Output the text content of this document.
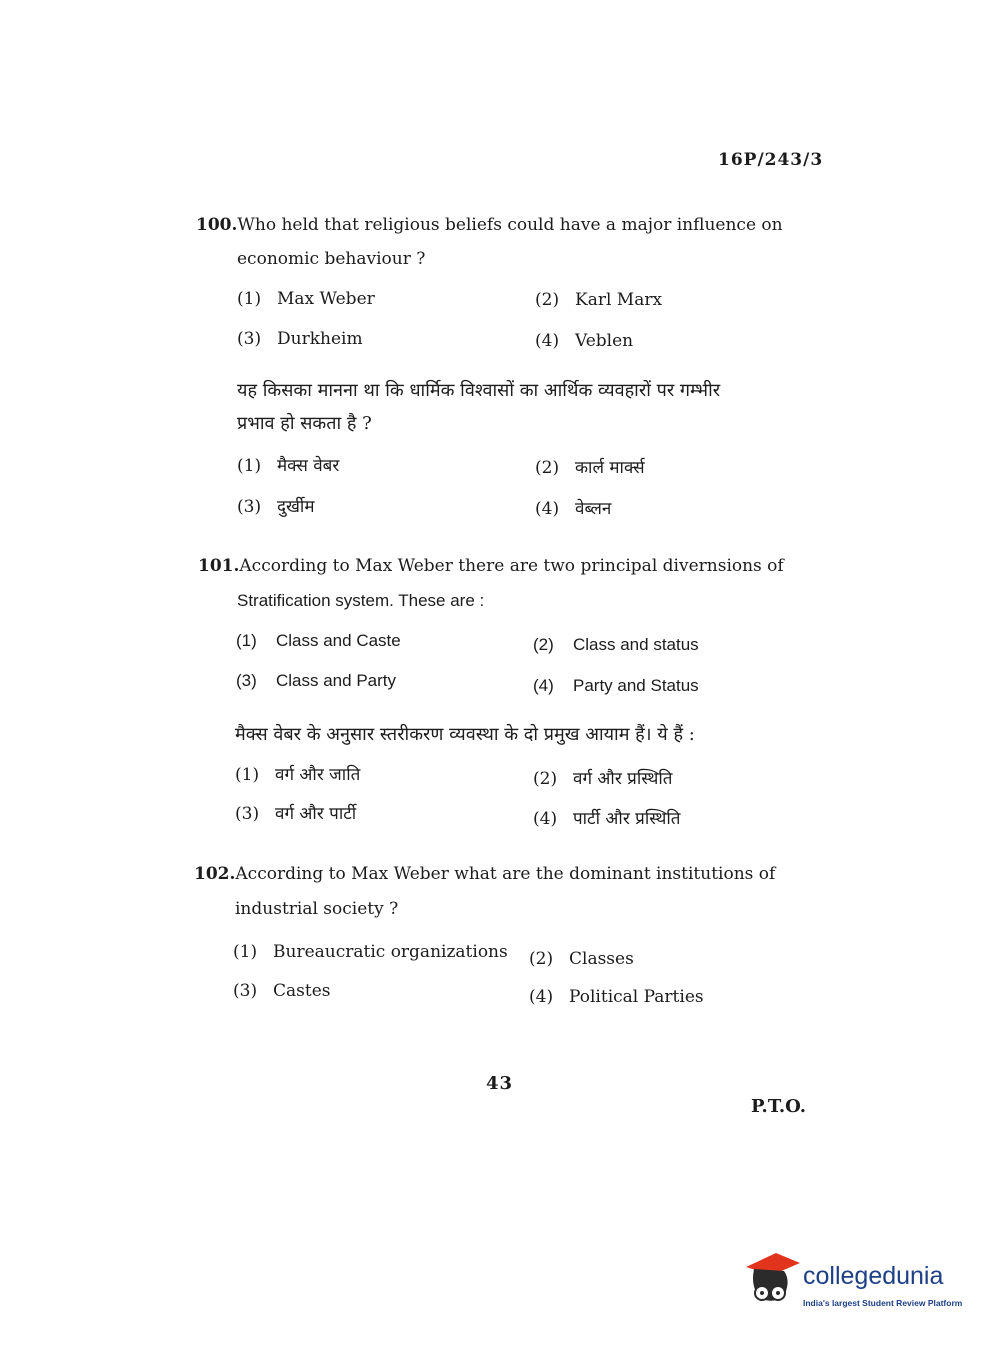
16P/243/3
100.Who held that religious beliefs could have a major influence on
economic behaviour ?
(1) Max Weber	(2) Karl Marx
(3) Durkheim	(4) Veblen
यह किसका मानना था कि धार्मिक विश्वासों का आर्थिक व्यवहारों पर गम्भीर
प्रभाव हो सकता है ?
(1) मैक्स वेबर	(2) कार्ल मार्क्स
(3) दुर्खीम	(4) वेब्लन
101.According to Max Weber there are two principal divernsions of
Stratification system. These are :
(1) Class and Caste	(2) Class and status
(3) Class and Party	(4) Party and Status
मैक्स वेबर के अनुसार स्तरीकरण व्यवस्था के दो प्रमुख आयाम हैं। ये हैं :
(1) वर्ग और जाति	(2) वर्ग और प्रस्थिति
(3) वर्ग और पार्टी	(4) पार्टी और प्रस्थिति
102.According to Max Weber what are the dominant institutions of
industrial society ?
(1) Bureaucratic organizations (2) Classes
(3) Castes	(4) Political Parties
43
P.T.O.
collegedunia
India's largest Student Review Platform
